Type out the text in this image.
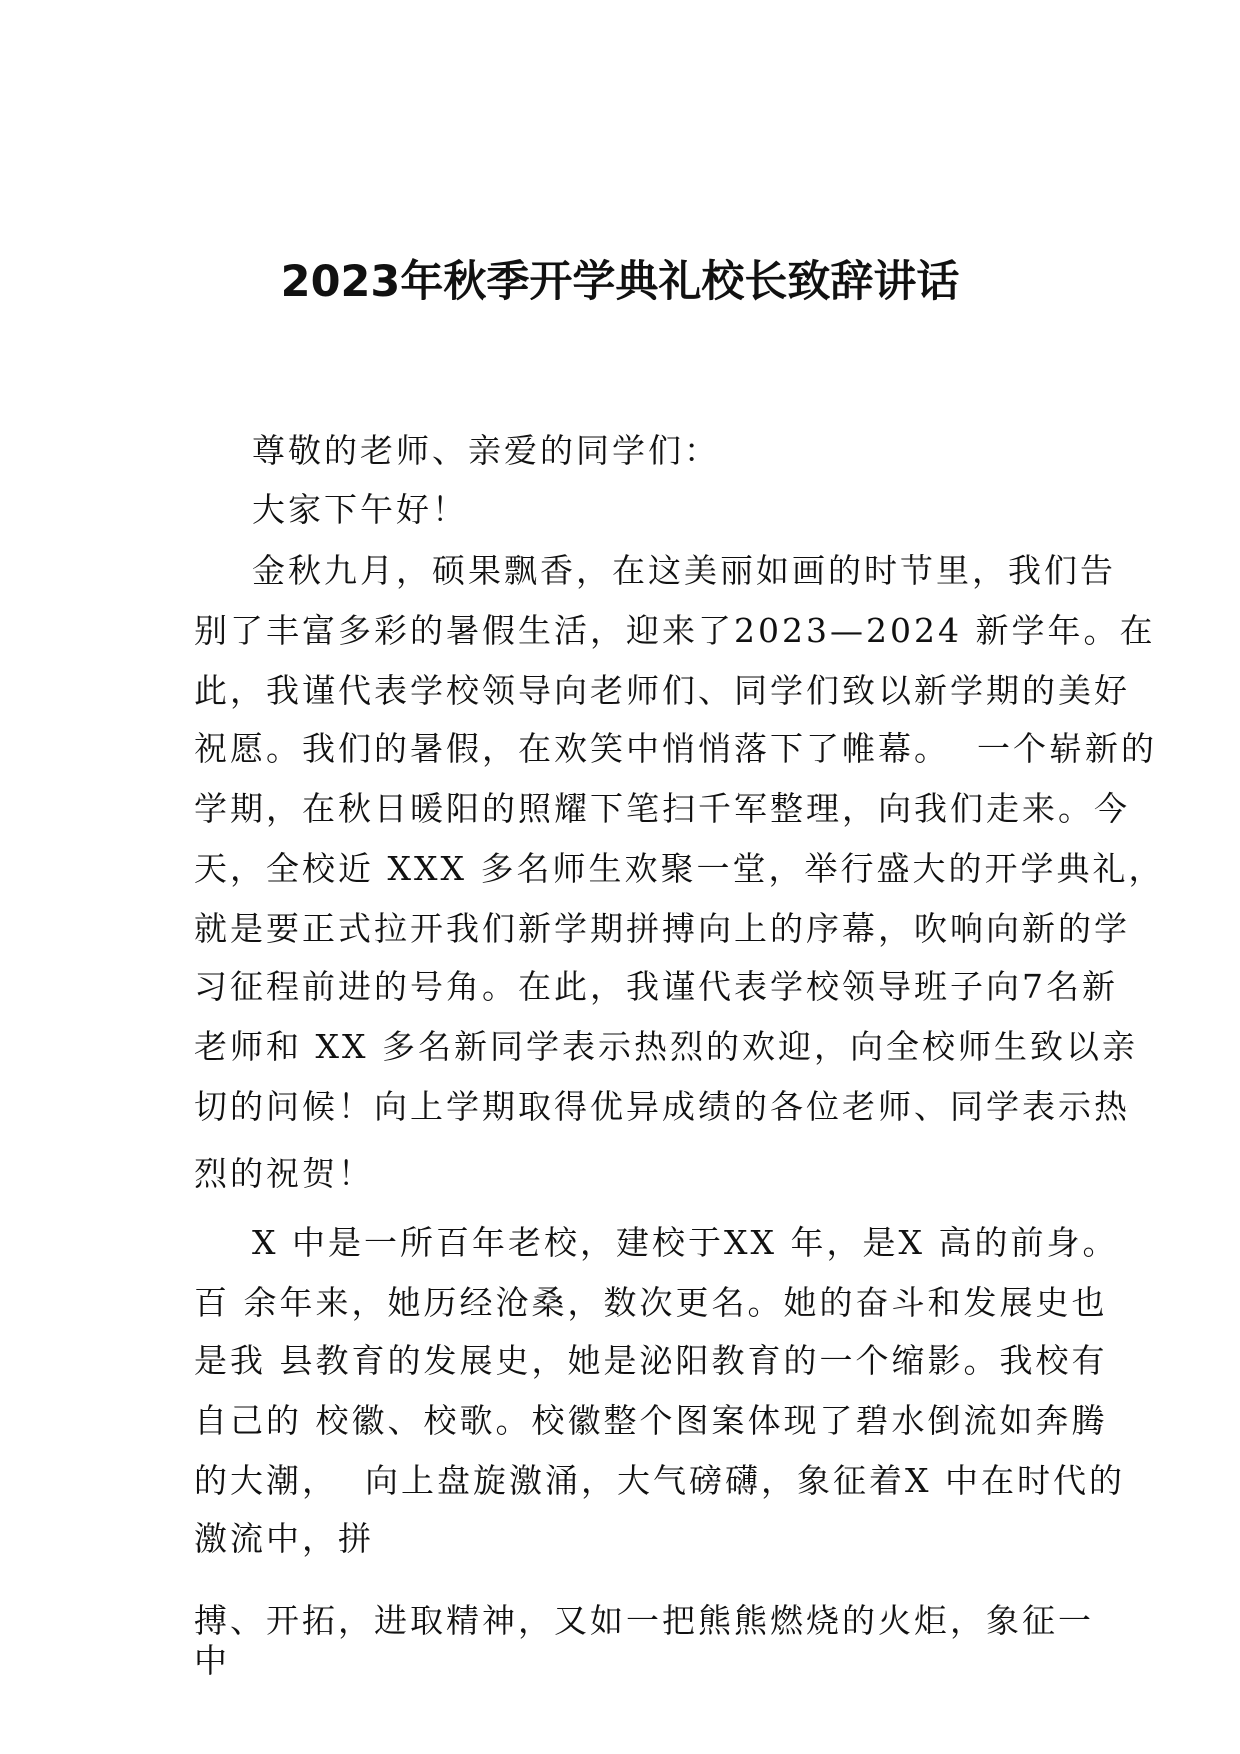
2023年秋季开学典礼校长致辞讲话

尊敬的老师、亲爱的同学们：

大家下午好！

金秋九月，硕果飘香，在这美丽如画的时节里，我们告

别了丰富多彩的暑假生活，迎来了2023—2024 新学年。在

此，我谨代表学校领导向老师们、同学们致以新学期的美好

祝愿。我们的暑假，在欢笑中悄悄落下了帷幕。  一个崭新的

学期，在秋日暖阳的照耀下笔扫千军整理，向我们走来。今

天，全校近 XXX 多名师生欢聚一堂，举行盛大的开学典礼，

就是要正式拉开我们新学期拼搏向上的序幕，吹响向新的学

习征程前进的号角。在此，我谨代表学校领导班子向7名新

老师和 XX 多名新同学表示热烈的欢迎，向全校师生致以亲

切的问候！向上学期取得优异成绩的各位老师、同学表示热

烈的祝贺！

X 中是一所百年老校，建校于XX 年，是X 高的前身。

百 余年来，她历经沧桑，数次更名。她的奋斗和发展史也

是我 县教育的发展史，她是泌阳教育的一个缩影。我校有

自己的 校徽、校歌。校徽整个图案体现了碧水倒流如奔腾

的大潮，  向上盘旋激涌，大气磅礴，象征着X 中在时代的

激流中，拼

搏、开拓，进取精神，又如一把熊熊燃烧的火炬，象征一

中
